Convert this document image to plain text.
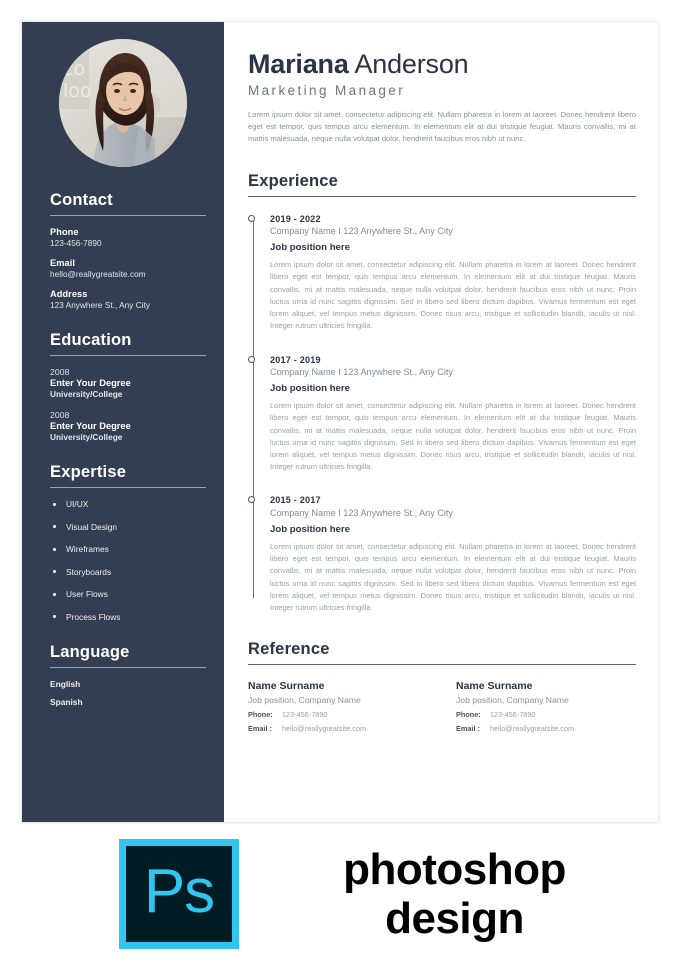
co
loo
Contact
Phone
123-456-7890
Email
hello@reallygreatsite.com
Address
123 Anywhere St., Any City
Education
2008
Enter Your Degree
University/College
2008
Enter Your Degree
University/College
Expertise
UI/UX
Visual Design
Wireframes
Storyboards
User Flows
Process Flows
Language
English
Spanish
Mariana Anderson
Marketing Manager

Lorem ipsum dolor sit amet, consectetur adipiscing elit. Nullam pharetra in lorem at laoreet. Donec hendrerit libero eget est tempor, quis tempus arcu elementum. In elementum elit at dui tristique feugiat. Mauris convallis, mi at mattis malesuada, neque nulla volutpat dolor, hendrerit faucibus eros nibh ut nunc.

Experience
2019 - 2022
Company Name I 123 Anywhere St., Any City
Job position here
Lorem ipsum dolor sit amet, consectetur adipiscing elit. Nullam pharetra in lorem at laoreet. Donec hendrerit libero eget est tempor, quis tempus arcu elementum. In elementum elit at dui tristique feugiat. Mauris convallis, mi at mattis malesuada, neque nulla volutpat dolor, hendrerit faucibus eros nibh ut nunc. Proin luctus urna id nunc sagittis dignissim. Sed in libero sed libero dictum dapibus. Vivamus fermentum est eget lorem aliquet, vel tempus metus dignissim. Donec risus arcu, tristique et sollicitudin blandit, iaculis ut nisl. Integer rutrum ultricies fringilla.
2017 - 2019
Company Name I 123 Anywhere St., Any City
Job position here
Lorem ipsum dolor sit amet, consectetur adipiscing elit. Nullam pharetra in lorem at laoreet. Donec hendrerit libero eget est tempor, quis tempus arcu elementum. In elementum elit at dui tristique feugiat. Mauris convallis, mi at mattis malesuada, neque nulla volutpat dolor, hendrerit faucibus eros nibh ut nunc. Proin luctus urna id nunc sagittis dignissim. Sed in libero sed libero dictum dapibus. Vivamus fermentum est eget lorem aliquet, vel tempus metus dignissim. Donec risus arcu, tristique et sollicitudin blandit, iaculis ut nisl. Integer rutrum ultricies fringilla.
2015 - 2017
Company Name I 123 Anywhere St., Any City
Job position here
Lorem ipsum dolor sit amet, consectetur adipiscing elit. Nullam pharetra in lorem at laoreet. Donec hendrerit libero eget est tempor, quis tempus arcu elementum. In elementum elit at dui tristique feugiat. Mauris convallis, mi at mattis malesuada, neque nulla volutpat dolor, hendrerit faucibus eros nibh ut nunc. Proin luctus urna id nunc sagittis dignissim. Sed in libero sed libero dictum dapibus. Vivamus fermentum est eget lorem aliquet, vel tempus metus dignissim. Donec risus arcu, tristique et sollicitudin blandit, iaculis ut nisl. Integer rutrum ultricies fringilla.
Reference
Name Surname
Job position, Company Name
Phone:	123-456-7890
Email :	hello@reallygreatsite.com
Name Surname
Job position, Company Name
Phone:	123-456-7890
Email :	hello@reallygreatsite.com
Ps	photoshop
design
